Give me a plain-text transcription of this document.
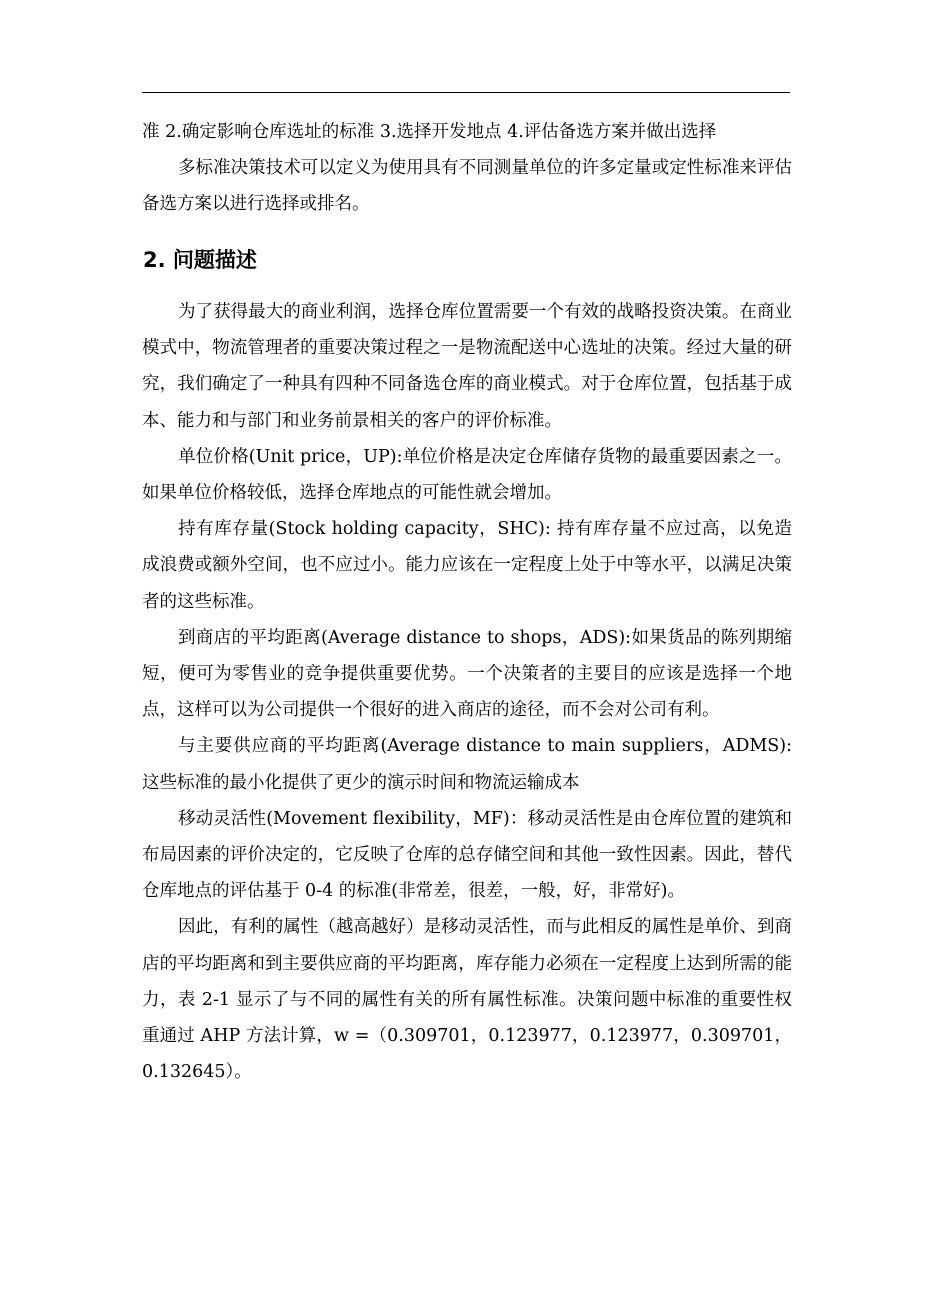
准 2.确定影响仓库选址的标准 3.选择开发地点 4.评估备选方案并做出选择

多标准决策技术可以定义为使用具有不同测量单位的许多定量或定性标准来评估备选方案以进行选择或排名。

2. 问题描述

为了获得最大的商业利润，选择仓库位置需要一个有效的战略投资决策。在商业模式中，物流管理者的重要决策过程之一是物流配送中心选址的决策。经过大量的研究，我们确定了一种具有四种不同备选仓库的商业模式。对于仓库位置，包括基于成本、能力和与部门和业务前景相关的客户的评价标准。

单位价格(Unit price，UP):单位价格是决定仓库储存货物的最重要因素之一。如果单位价格较低，选择仓库地点的可能性就会增加。

持有库存量(Stock holding capacity，SHC): 持有库存量不应过高，以免造成浪费或额外空间，也不应过小。能力应该在一定程度上处于中等水平，以满足决策者的这些标准。

到商店的平均距离(Average distance to shops，ADS):如果货品的陈列期缩短，便可为零售业的竞争提供重要优势。一个决策者的主要目的应该是选择一个地点，这样可以为公司提供一个很好的进入商店的途径，而不会对公司有利。

与主要供应商的平均距离(Average distance to main suppliers，ADMS): 这些标准的最小化提供了更少的演示时间和物流运输成本

移动灵活性(Movement flexibility，MF)：移动灵活性是由仓库位置的建筑和布局因素的评价决定的，它反映了仓库的总存储空间和其他一致性因素。因此，替代仓库地点的评估基于 0-4 的标准(非常差，很差，一般，好，非常好)。

因此，有利的属性（越高越好）是移动灵活性，而与此相反的属性是单价、到商店的平均距离和到主要供应商的平均距离，库存能力必须在一定程度上达到所需的能力，表 2-1 显示了与不同的属性有关的所有属性标准。决策问题中标准的重要性权重通过 AHP 方法计算，w =（0.309701，0.123977，0.123977，0.309701，0.132645）。
